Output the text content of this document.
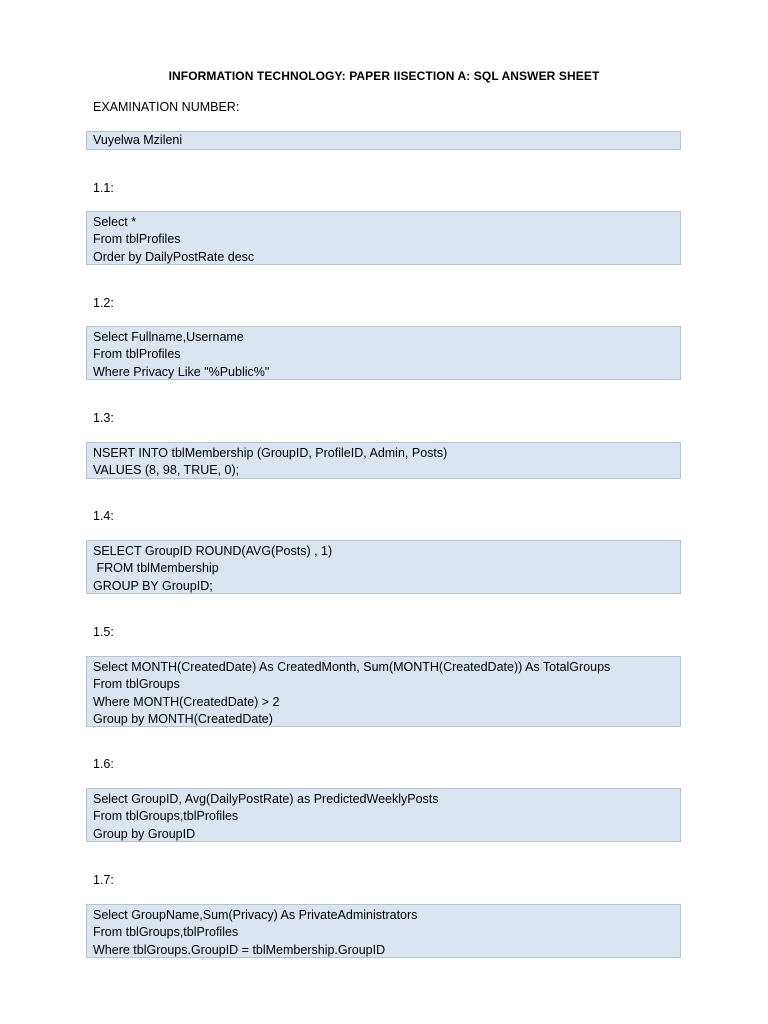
INFORMATION TECHNOLOGY: PAPER IISECTION A: SQL ANSWER SHEET
EXAMINATION NUMBER:
Vuyelwa Mzileni
1.1:
Select *
From tblProfiles
Order by DailyPostRate desc
1.2:
Select Fullname,Username
From tblProfiles
Where Privacy Like "%Public%"
1.3:
NSERT INTO tblMembership (GroupID, ProfileID, Admin, Posts)
VALUES (8, 98, TRUE, 0);
1.4:
SELECT GroupID ROUND(AVG(Posts) , 1)
FROM tblMembership
GROUP BY GroupID;
1.5:
Select MONTH(CreatedDate) As CreatedMonth, Sum(MONTH(CreatedDate)) As TotalGroups
From tblGroups
Where MONTH(CreatedDate) > 2
Group by MONTH(CreatedDate)
1.6:
Select GroupID, Avg(DailyPostRate) as PredictedWeeklyPosts
From tblGroups,tblProfiles
Group by GroupID
1.7:
Select GroupName,Sum(Privacy) As PrivateAdministrators
From tblGroups,tblProfiles
Where tblGroups.GroupID = tblMembership.GroupID
